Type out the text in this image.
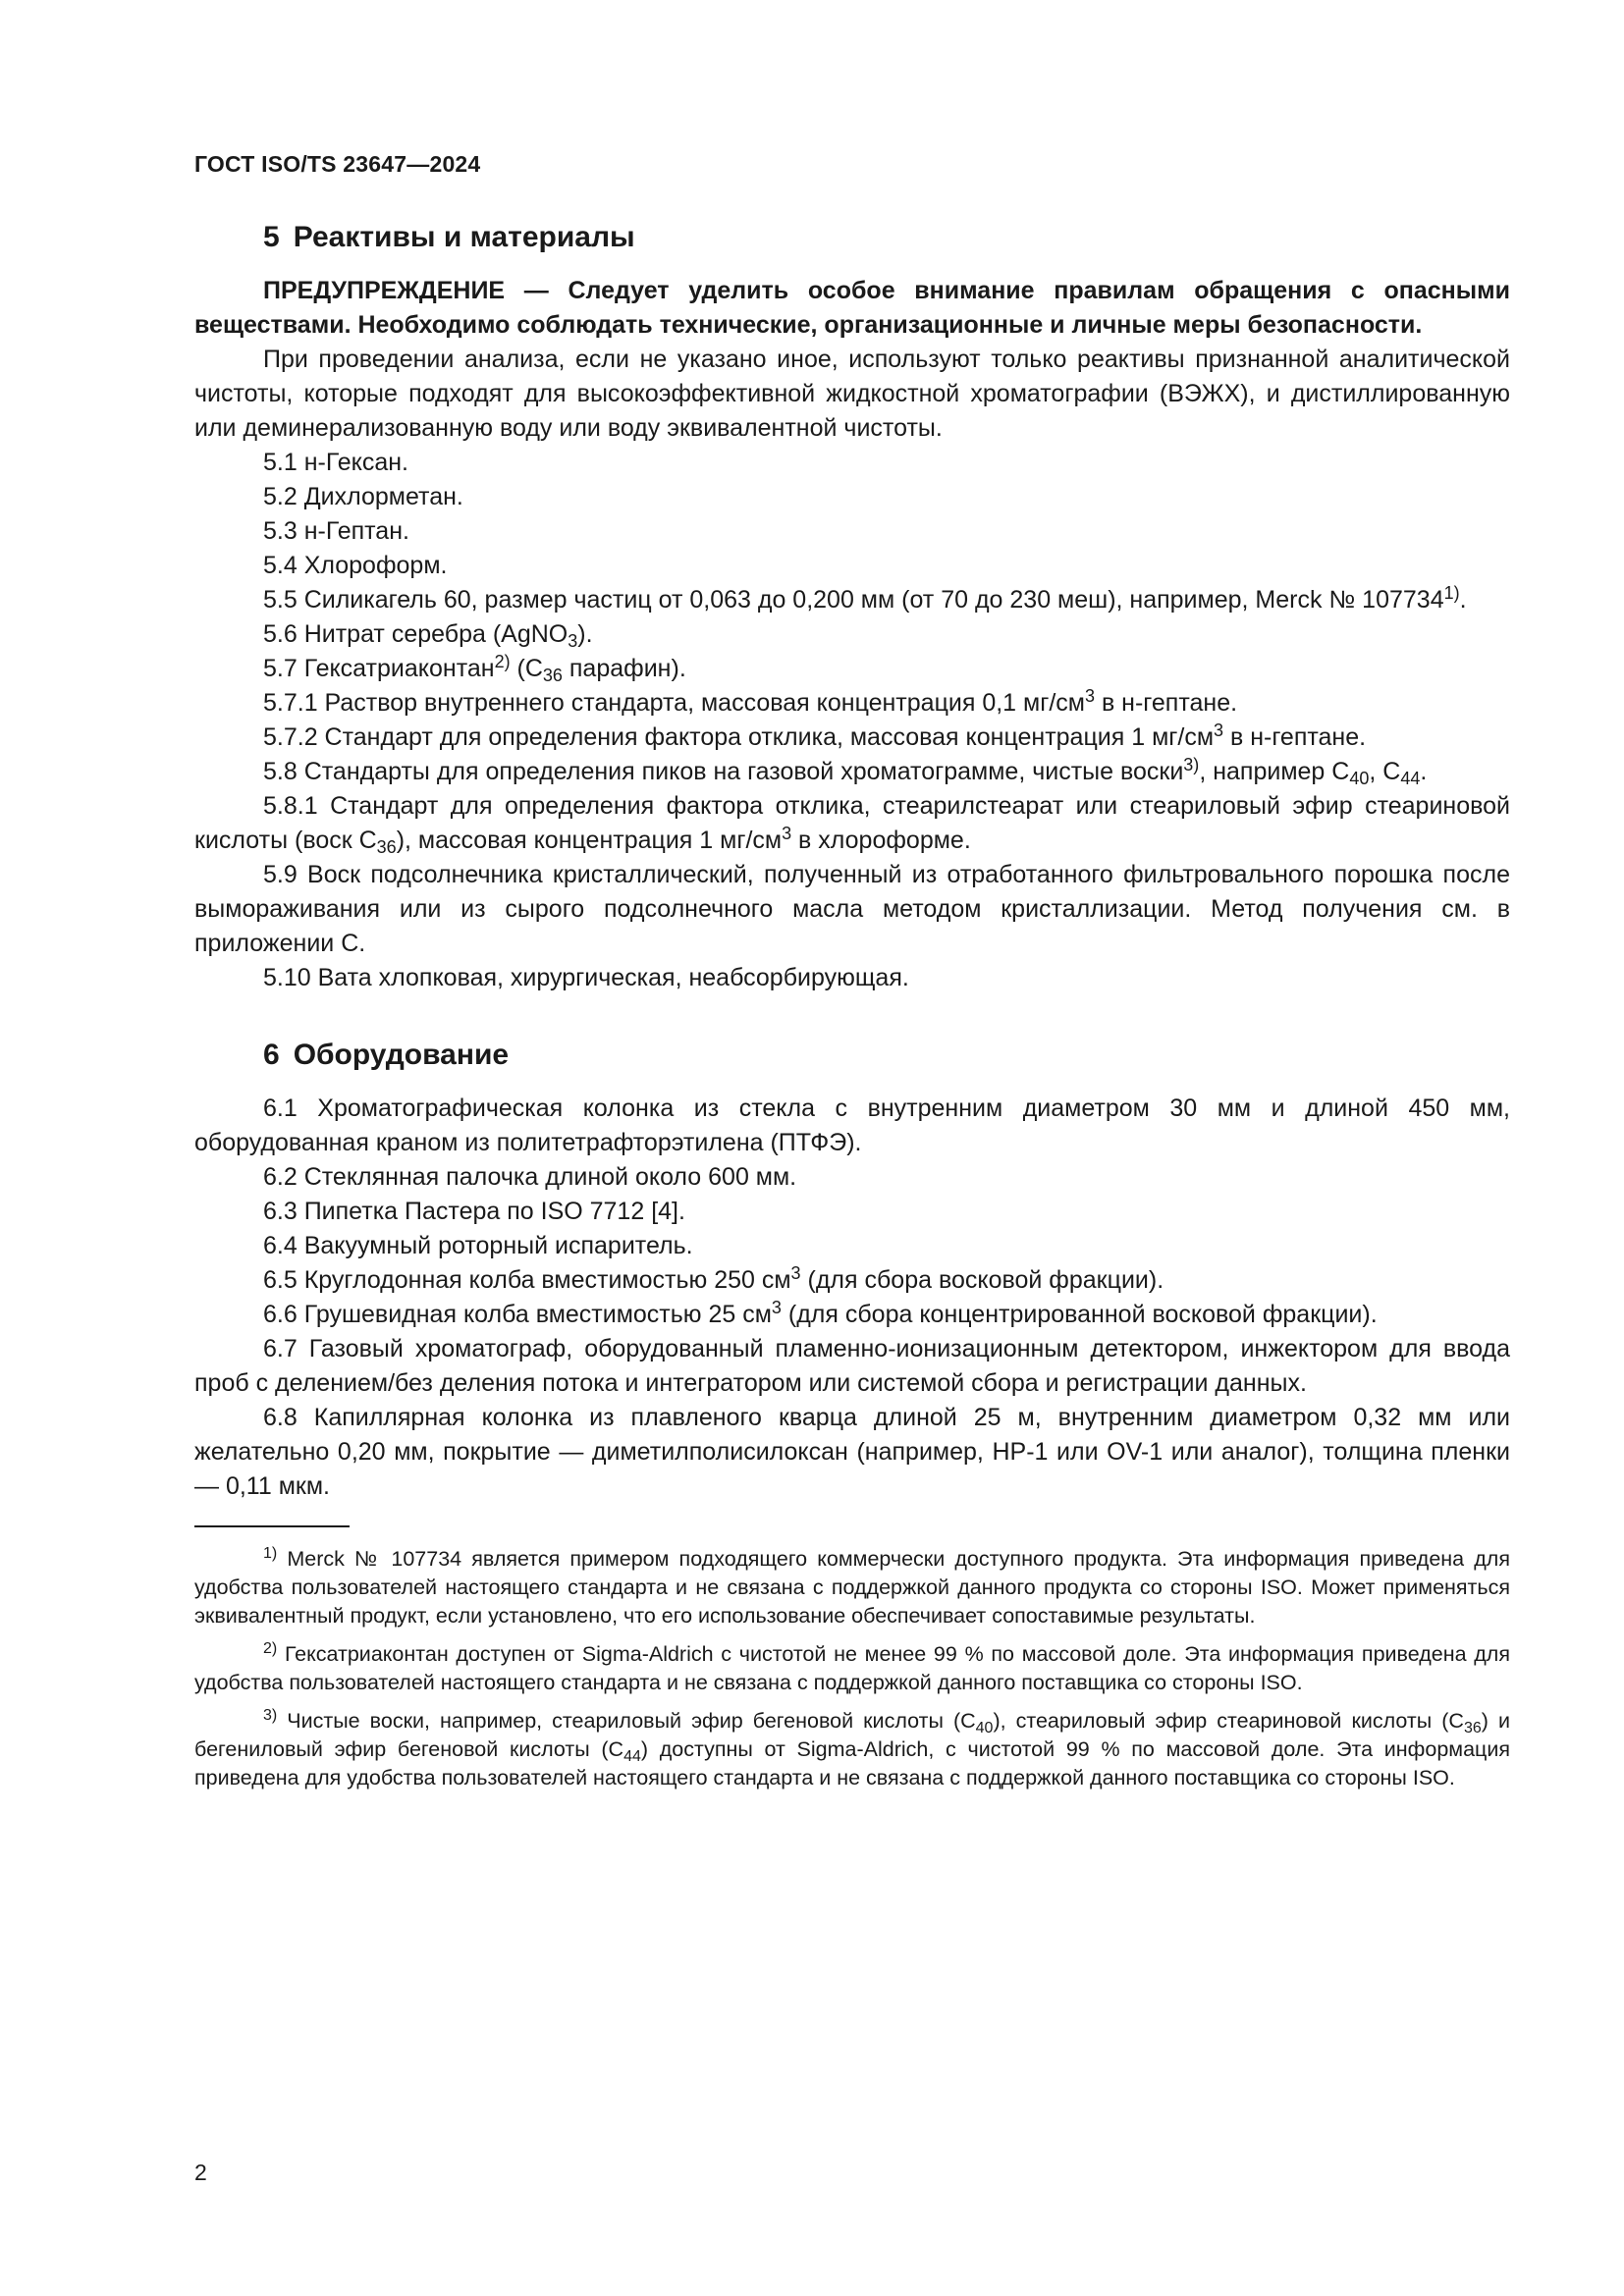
ГОСТ ISO/TS 23647—2024
5 Реактивы и материалы

ПРЕДУПРЕЖДЕНИЕ — Следует уделить особое внимание правилам обращения с опасными веществами. Необходимо соблюдать технические, организационные и личные меры безопасности.

При проведении анализа, если не указано иное, используют только реактивы признанной аналитической чистоты, которые подходят для высокоэффективной жидкостной хроматографии (ВЭЖХ), и дистиллированную или деминерализованную воду или воду эквивалентной чистоты.

5.1 н-Гексан.

5.2 Дихлорметан.

5.3 н-Гептан.

5.4 Хлороформ.

5.5 Силикагель 60, размер частиц от 0,063 до 0,200 мм (от 70 до 230 меш), например, Merck № 107734$^{1)}$.

5.6 Нитрат серебра (AgNO$_3$).

5.7 Гексатриаконтан$^{2)}$ ($C_{36}$ парафин).

5.7.1 Раствор внутреннего стандарта, массовая концентрация 0,1 $мг/см^3$ в н-гептане.

5.7.2 Стандарт для определения фактора отклика, массовая концентрация 1 $мг/см^3$ в н-гептане.

5.8 Стандарты для определения пиков на газовой хроматограмме, чистые воски$^{3)}$, например $C_{40}$, $C_{44}$.

5.8.1 Стандарт для определения фактора отклика, стеарилстеарат или стеариловый эфир стеариновой кислоты (воск $C_{36}$), массовая концентрация 1 $мг/см^3$ в хлороформе.

5.9 Воск подсолнечника кристаллический, полученный из отработанного фильтровального порошка после вымораживания или из сырого подсолнечного масла методом кристаллизации. Метод получения см. в приложении С.

5.10 Вата хлопковая, хирургическая, неабсорбирующая.

6 Оборудование

6.1 Хроматографическая колонка из стекла с внутренним диаметром 30 мм и длиной 450 мм, оборудованная краном из политетрафторэтилена (ПТФЭ).

6.2 Стеклянная палочка длиной около 600 мм.

6.3 Пипетка Пастера по ISO 7712 [4].

6.4 Вакуумный роторный испаритель.

6.5 Круглодонная колба вместимостью 250 $см^3$ (для сбора восковой фракции).

6.6 Грушевидная колба вместимостью 25 $см^3$ (для сбора концентрированной восковой фракции).

6.7 Газовый хроматограф, оборудованный пламенно-ионизационным детектором, инжектором для ввода проб с делением/без деления потока и интегратором или системой сбора и регистрации данных.

6.8 Капиллярная колонка из плавленого кварца длиной 25 м, внутренним диаметром 0,32 мм или желательно 0,20 мм, покрытие — диметилполисилоксан (например, HP-1 или OV-1 или аналог), толщина пленки — 0,11 мкм.

$^{1)}$ Merck № 107734 является примером подходящего коммерчески доступного продукта. Эта информация приведена для удобства пользователей настоящего стандарта и не связана с поддержкой данного продукта со стороны ISO. Может применяться эквивалентный продукт, если установлено, что его использование обеспечивает сопоставимые результаты.

$^{2)}$ Гексатриаконтан доступен от Sigma-Aldrich с чистотой не менее 99 % по массовой доле. Эта информация приведена для удобства пользователей настоящего стандарта и не связана с поддержкой данного поставщика со стороны ISO.

$^{3)}$ Чистые воски, например, стеариловый эфир бегеновой кислоты $(C_{40})$, стеариловый эфир стеариновой кислоты $(C_{36})$ и бегениловый эфир бегеновой кислоты $(C_{44})$ доступны от Sigma-Aldrich, с чистотой 99 % по массовой доле. Эта информация приведена для удобства пользователей настоящего стандарта и не связана с поддержкой данного поставщика со стороны ISO.

2
